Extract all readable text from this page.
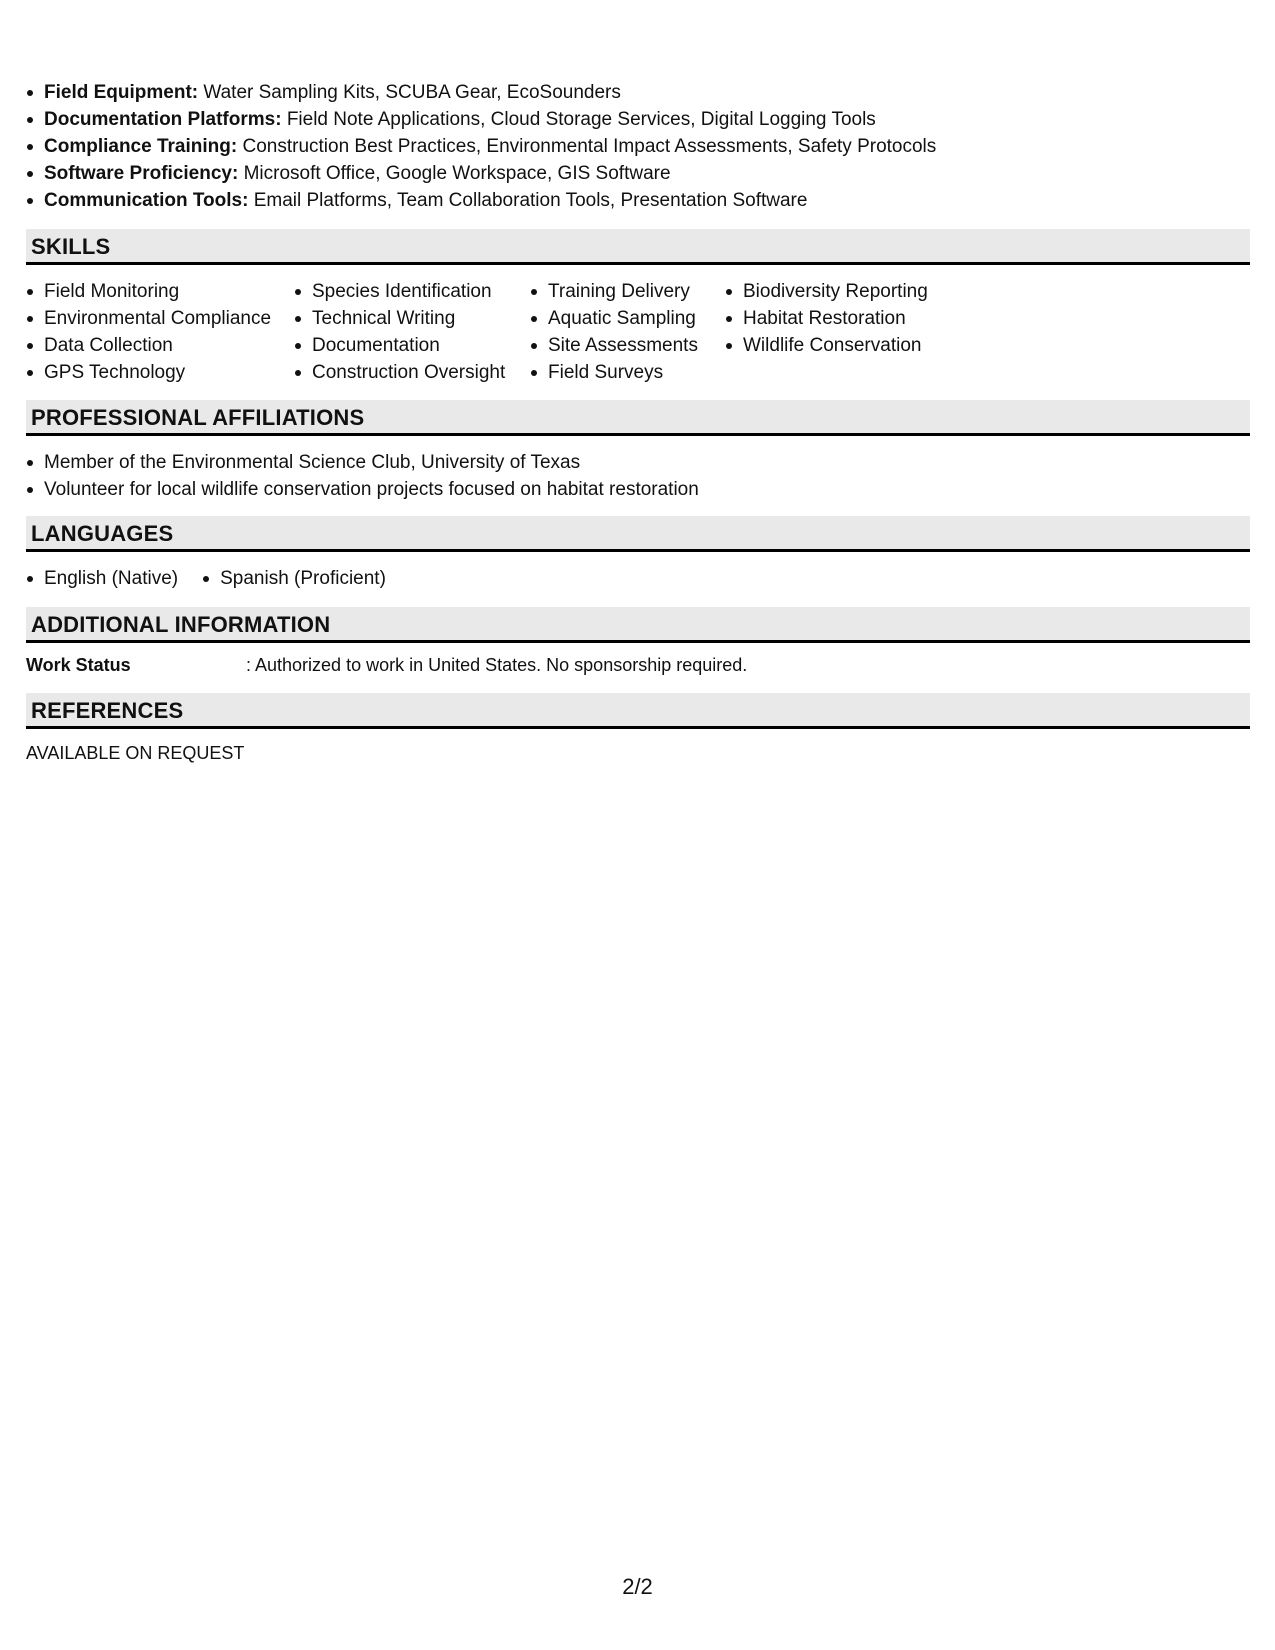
Field Equipment: Water Sampling Kits, SCUBA Gear, EcoSounders
Documentation Platforms: Field Note Applications, Cloud Storage Services, Digital Logging Tools
Compliance Training: Construction Best Practices, Environmental Impact Assessments, Safety Protocols
Software Proficiency: Microsoft Office, Google Workspace, GIS Software
Communication Tools: Email Platforms, Team Collaboration Tools, Presentation Software
SKILLS
Field Monitoring
Environmental Compliance
Data Collection
GPS Technology
Species Identification
Technical Writing
Documentation
Construction Oversight
Training Delivery
Aquatic Sampling
Site Assessments
Field Surveys
Biodiversity Reporting
Habitat Restoration
Wildlife Conservation
PROFESSIONAL AFFILIATIONS
Member of the Environmental Science Club, University of Texas
Volunteer for local wildlife conservation projects focused on habitat restoration
LANGUAGES
English (Native)	Spanish (Proficient)
ADDITIONAL INFORMATION
Work Status	: Authorized to work in United States. No sponsorship required.
REFERENCES
AVAILABLE ON REQUEST
2/2
